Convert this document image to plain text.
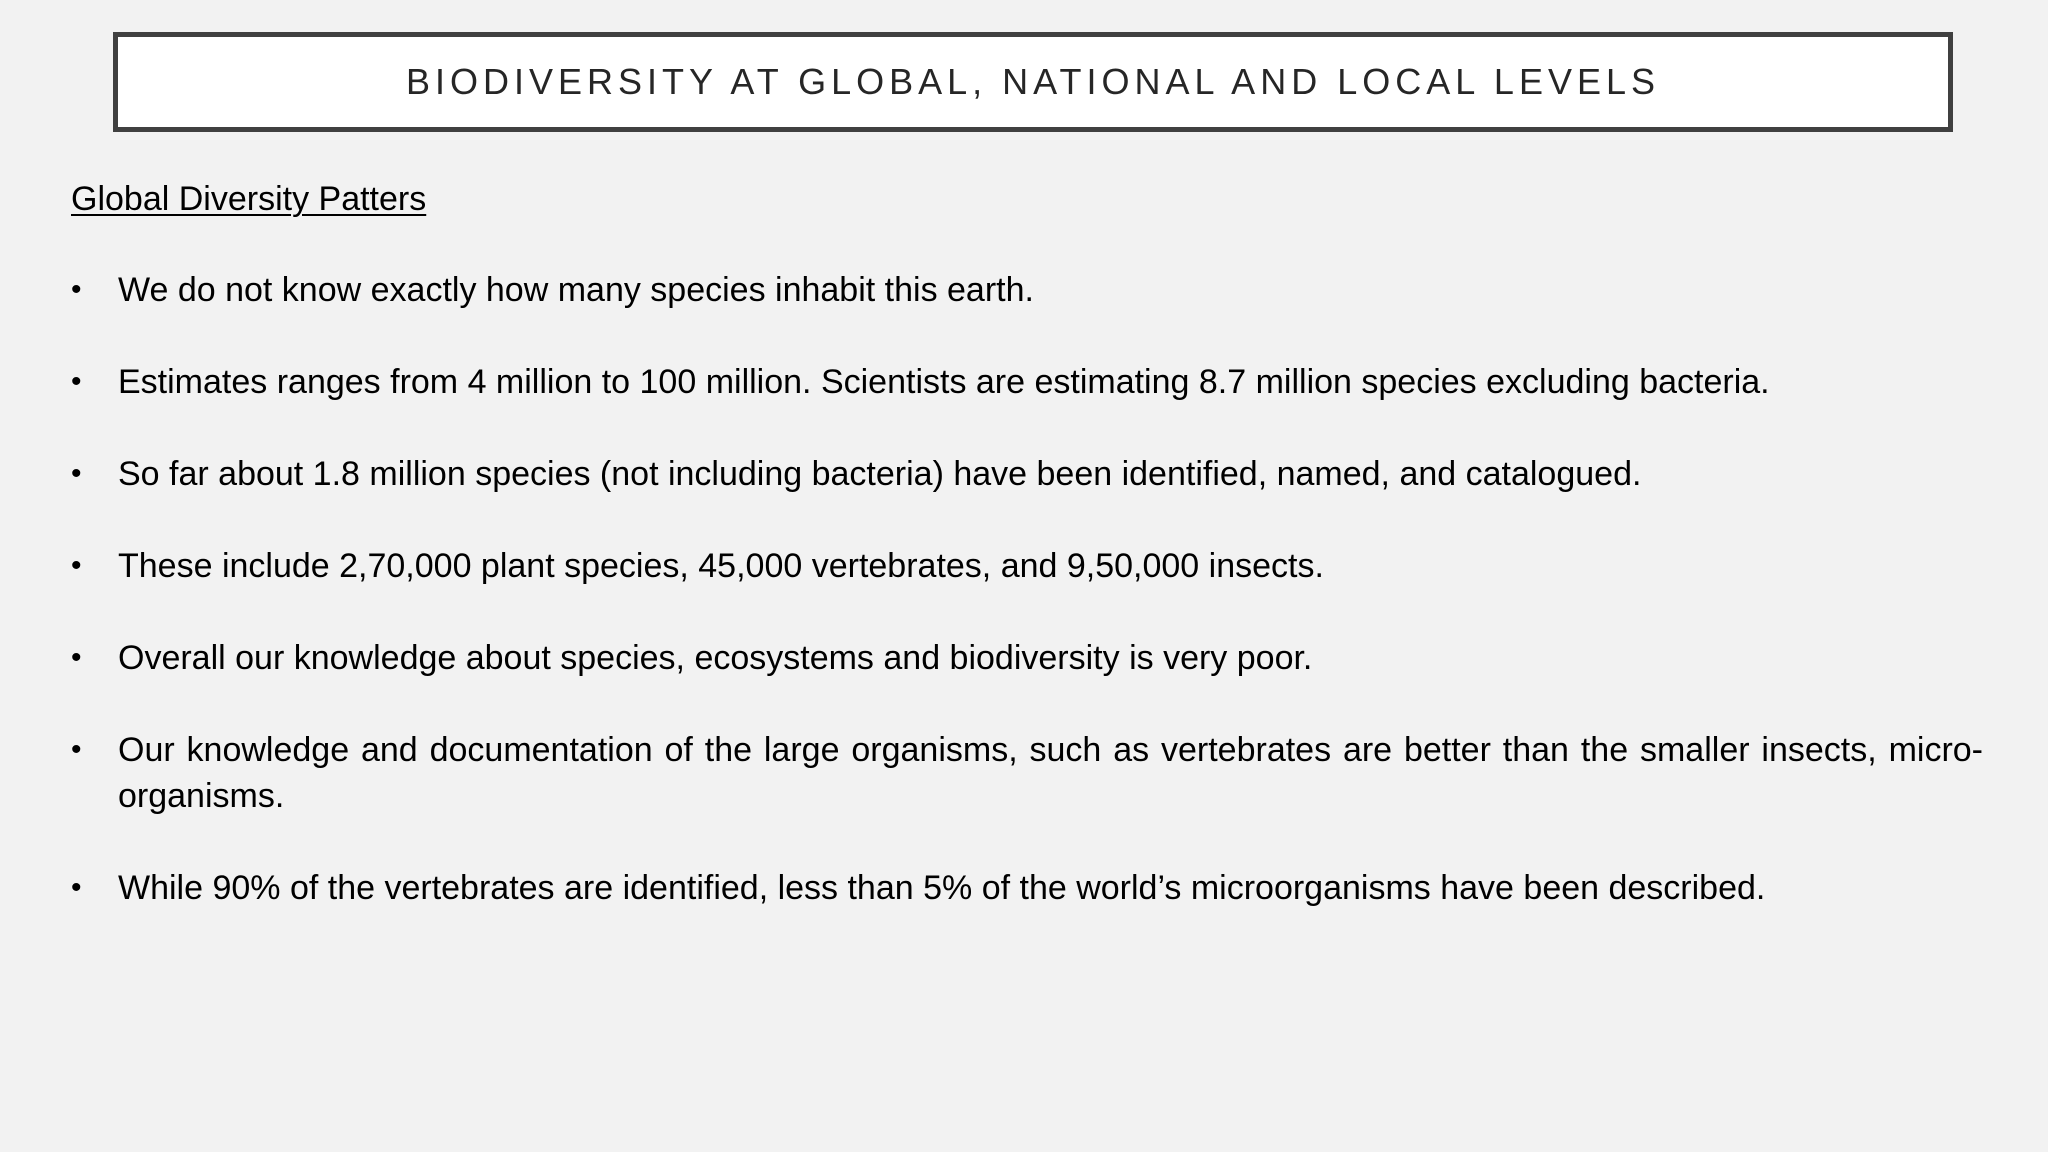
BIODIVERSITY AT GLOBAL, NATIONAL AND LOCAL LEVELS
Global Diversity Patters
• We do not know exactly how many species inhabit this earth.
• Estimates ranges from 4 million to 100 million. Scientists are estimating 8.7 million species excluding bacteria.
• So far about 1.8 million species (not including bacteria) have been identified, named, and catalogued.
• These include 2,70,000 plant species, 45,000 vertebrates, and 9,50,000 insects.
• Overall our knowledge about species, ecosystems and biodiversity is very poor.
• Our knowledge and documentation of the large organisms, such as vertebrates are better than the smaller insects, micro-organisms.
• While 90% of the vertebrates are identified, less than 5% of the world’s microorganisms have been described.
